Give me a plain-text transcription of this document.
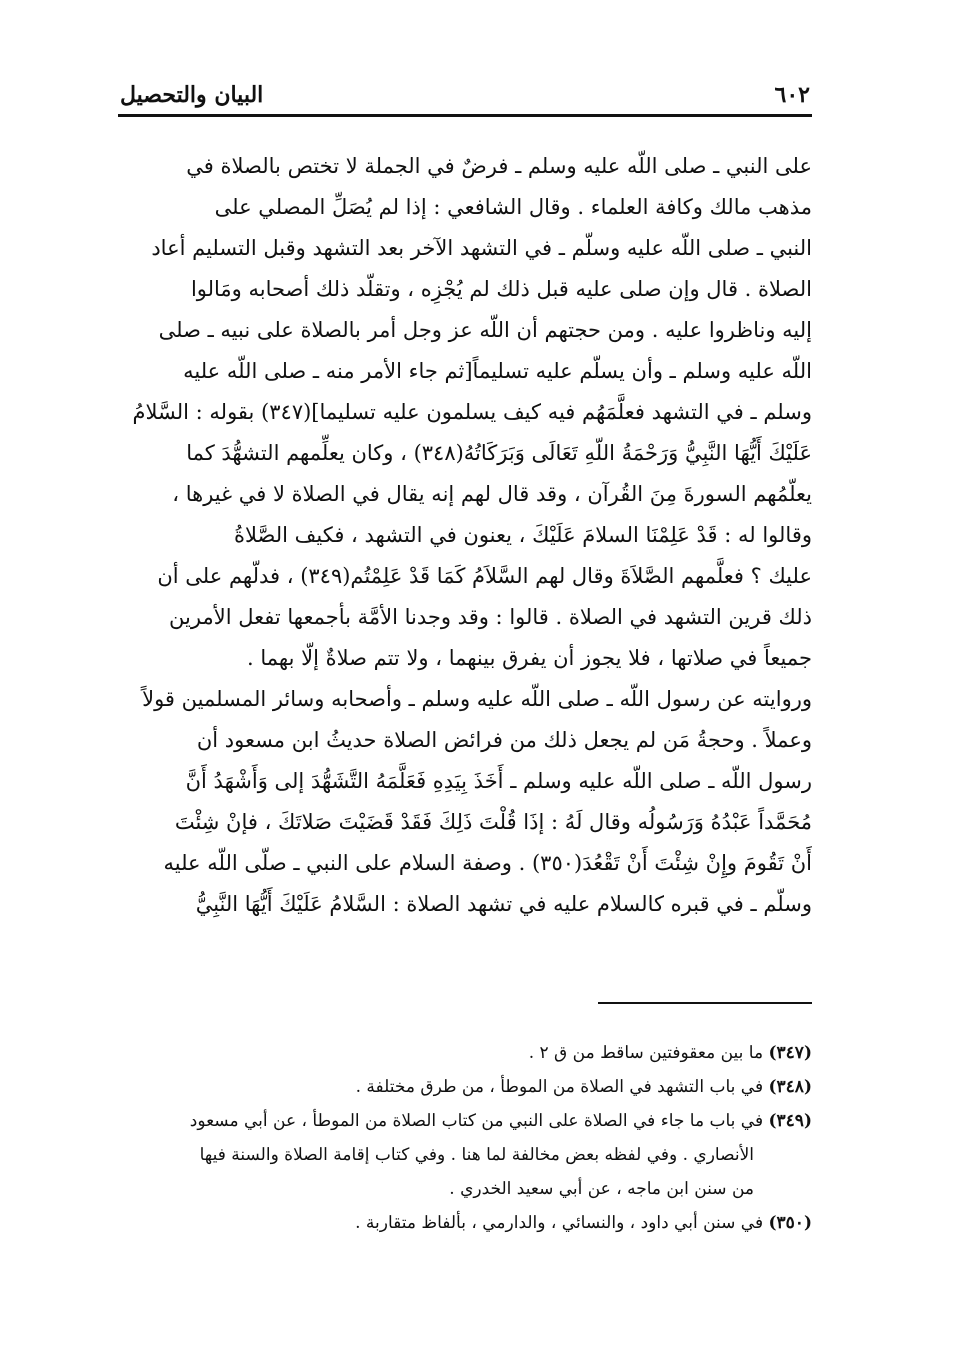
٦٠٢
البيان والتحصيل
على النبي ـ صلى اللّه عليه وسلم ـ فرضٌ في الجملة لا تختص بالصلاة في
مذهب مالك وكافة العلماء . وقال الشافعي : إذا لم يُصَلِّ المصلي على
النبي ـ صلى اللّه عليه وسلّم ـ في التشهد الآخر بعد التشهد وقبل التسليم أعاد
الصلاة . قال وإن صلى عليه قبل ذلك لم يُجْزِه ، وتقلّد ذلك أصحابه ومَالوا
إليه وناظروا عليه . ومن حجتهم أن اللّه عز وجل أمر بالصلاة على نبيه ـ صلى
اللّه عليه وسلم ـ وأن يسلّم عليه تسليماً[ثم جاء الأمر منه ـ صلى اللّه عليه
وسلم ـ في التشهد فعلَّمَهُم فيه كيف يسلمون عليه تسليما](٣٤٧) بقوله : السَّلامُ
عَلَيْكَ أَيُّهَا النَّبِيُّ وَرَحْمَةُ اللّهِ تَعَالَى وَبَرَكَاتُهُ(٣٤٨) ، وكان يعلِّمهم التشهُّدَ كما
يعلّمُهم السورةَ مِنَ القُرآن ، وقد قال لهم إنه يقال في الصلاة لا في غيرها ،
وقالوا له : قَدْ عَلِمْنَا السلامَ عَلَيْكَ ، يعنون في التشهد ، فكيف الصَّلاةُ
عليك ؟ فعلَّمهم الصَّلاَةَ وقال لهم السَّلاَمُ كَمَا قَدْ عَلِمْتُم(٣٤٩) ، فدلّهم على أن
ذلك قرين التشهد في الصلاة . قالوا : وقد وجدنا الأمَّة بأجمعها تفعل الأمرين
جميعاً في صلاتها ، فلا يجوز أن يفرق بينهما ، ولا تتم صلاةٌ إلّا بهما .
وروايته عن رسول اللّه ـ صلى اللّه عليه وسلم ـ وأصحابه وسائر المسلمين قولاً
وعملاً . وحجةُ مَن لم يجعل ذلك من فرائض الصلاة حديثُ ابن مسعود أن
رسول اللّه ـ صلى اللّه عليه وسلم ـ أَخَذَ بِيَدِهِ فَعَلَّمَهُ التَّشَهُّدَ إلى وَأَشْهَدُ أَنَّ
مُحَمَّداً عَبْدُهُ وَرَسُولُه وقال لَهُ : إذَا قُلْتَ ذَلِكَ فَقَدْ قَضَيْتَ صَلاتَكَ ، فإنْ شِئْتَ
أَنْ تَقُومَ وإِنْ شِئْتَ أَنْ تَقْعُدَ(٣٥٠) . وصفة السلام على النبي ـ صلّى اللّه عليه
وسلّم ـ في قبره كالسلام عليه في تشهد الصلاة : السَّلامُ عَلَيْكَ أَيُّهَا النَّبِيُّ
(٣٤٧) ما بين معقوفتين ساقط من ق ٢ .
(٣٤٨) في باب التشهد في الصلاة من الموطأ ، من طرق مختلفة .
(٣٤٩) في باب ما جاء في الصلاة على النبي من كتاب الصلاة من الموطأ ، عن أبي مسعود
الأنصاري . وفي لفظه بعض مخالفة لما هنا . وفي كتاب إقامة الصلاة والسنة فيها
من سنن ابن ماجه ، عن أبي سعيد الخدري .
(٣٥٠) في سنن أبي داود ، والنسائي ، والدارمي ، بألفاظ متقاربة .
